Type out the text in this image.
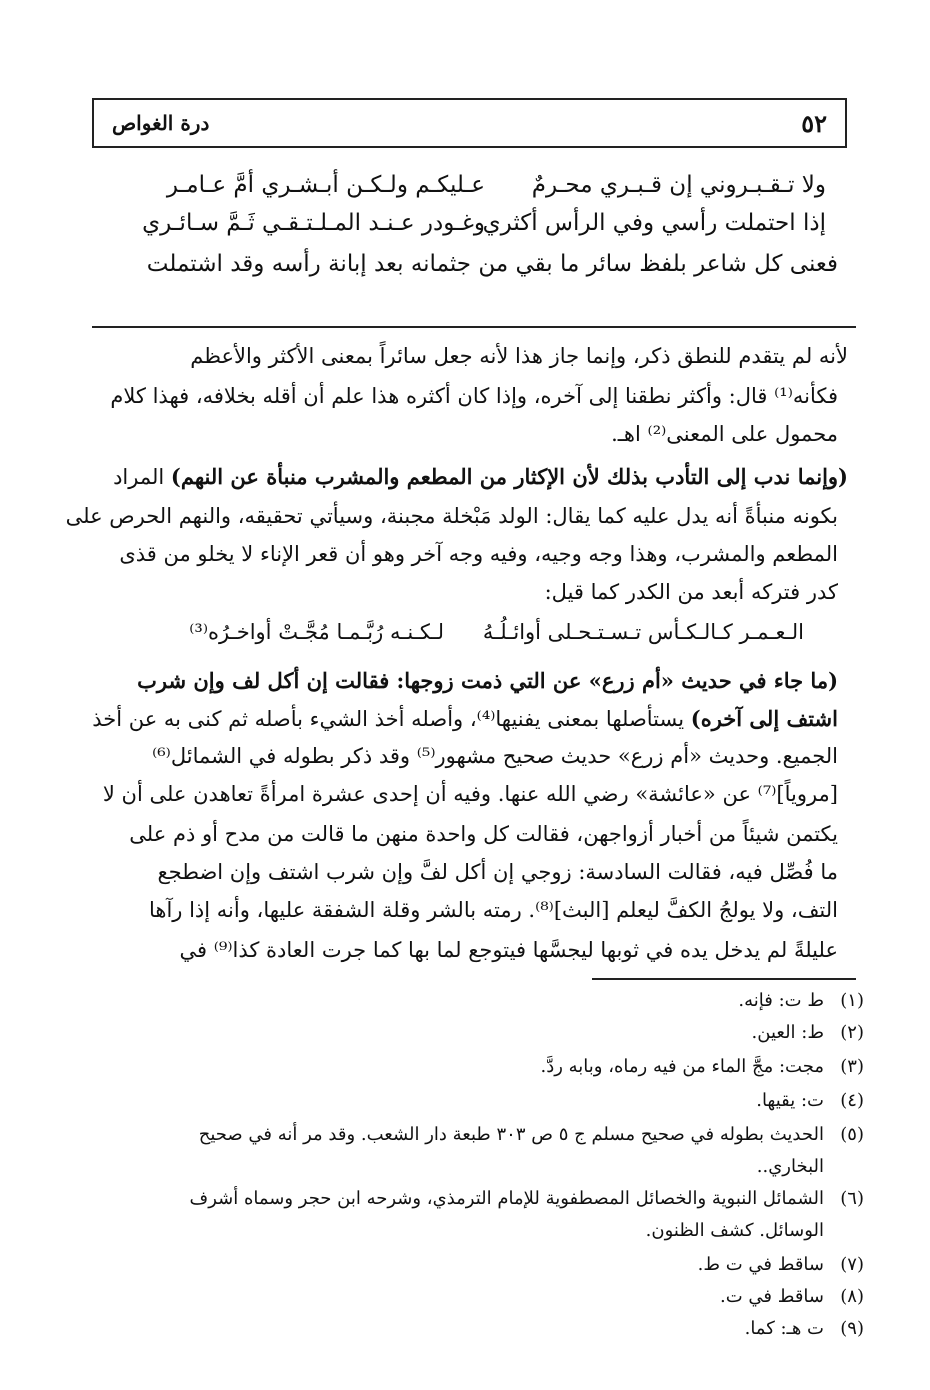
٥٢
درة الغواص
ولا تـقـبـروني إن قـبـري محـرمٌ
عـليكـم ولـكـن أبـشـري أمَّ عـامـر
إذا احتملت رأسي وفي الرأس أكثري
وغـودر عـنـد المـلـتـقـي ثَـمَّ سـائـري
فعنى كل شاعر بلفظ سائر ما بقي من جثمانه بعد إبانة رأسه وقد اشتملت
لأنه لم يتقدم للنطق ذكر، وإنما جاز هذا لأنه جعل سائراً بمعنى الأكثر والأعظم
فكأنه⁽¹⁾ قال: وأكثر نطقنا إلى آخره، وإذا كان أكثره هذا علم أن أقله بخلافه، فهذا كلام
محمول على المعنى⁽²⁾ اهـ.
(وإنما ندب إلى التأدب بذلك لأن الإكثار من المطعم والمشرب منبأة عن النهم) المراد
بكونه منبأةً أنه يدل عليه كما يقال: الولد مَبْخلة مجبنة، وسيأتي تحقيقه، والنهم الحرص على
المطعم والمشرب، وهذا وجه وجيه، وفيه وجه آخر وهو أن قعر الإناء لا يخلو من قذى
كدر فتركه أبعد من الكدر كما قيل:
الـعـمـر كـالـكـأس تـسـتـحـلى أوائـلُـهُ
لـكـنـه رُبَّـمـا مُجَّـتْ أواخـرُه⁽³⁾
(ما جاء في حديث «أم زرع» عن التي ذمت زوجها: فقالت إن أكل لف وإن شرب
اشتف إلى آخره) يستأصلها بمعنى يفنيها⁽⁴⁾، وأصله أخذ الشيء بأصله ثم كنى به عن أخذ
الجميع. وحديث «أم زرع» حديث صحيح مشهور⁽⁵⁾ وقد ذكر بطوله في الشمائل⁽⁶⁾
[مروياً]⁽⁷⁾ عن «عائشة» رضي الله عنها. وفيه أن إحدى عشرة امرأةً تعاهدن على أن لا
يكتمن شيئاً من أخبار أزواجهن، فقالت كل واحدة منهن ما قالت من مدح أو ذم على
ما فُصِّل فيه، فقالت السادسة: زوجي إن أكل لفَّ وإن شرب اشتف وإن اضطجع
التف، ولا يولجُ الكفَّ ليعلم [البث]⁽⁸⁾. رمته بالشر وقلة الشفقة عليها، وأنه إذا رآها
عليلةً لم يدخل يده في ثوبها ليجسَّها فيتوجع لما بها كما جرت العادة كذا⁽⁹⁾ في
(١)ط ت: فإنه.
(٢)ط: العين.
(٣)مجت: مجَّ الماء من فيه رماه، وبابه ردَّ.
(٤)ت: يقيها.
(٥)الحديث بطوله في صحيح مسلم ج ٥ ص ٣٠٣ طبعة دار الشعب. وقد مر أنه في صحيح
البخاري..
(٦)الشمائل النبوية والخصائل المصطفوية للإمام الترمذي، وشرحه ابن حجر وسماه أشرف
الوسائل. كشف الظنون.
(٧)ساقط في ت ط.
(٨)ساقط في ت.
(٩)ت هـ: كما.
